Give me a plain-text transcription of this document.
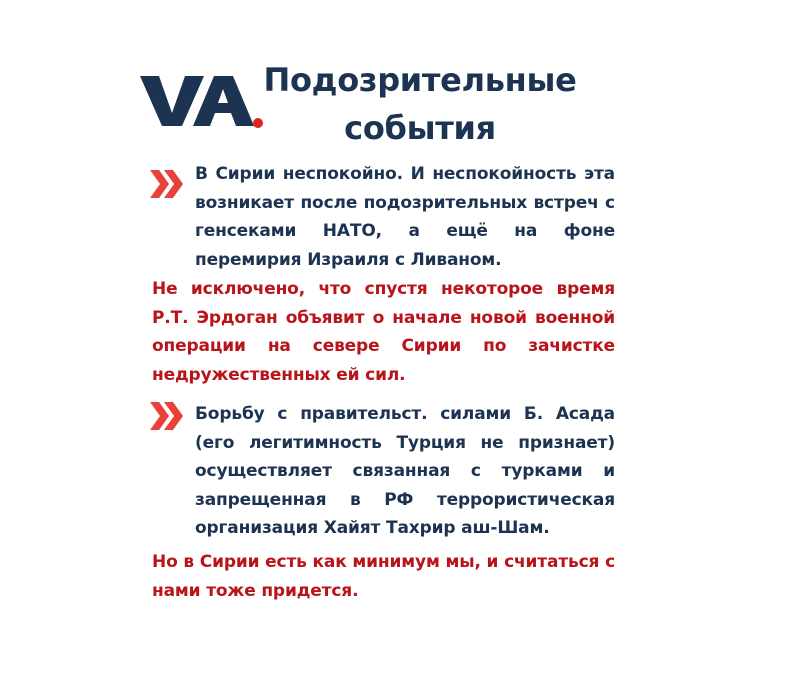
Подозрительные события
В Сирии неспокойно. И неспокойность эта возникает после подозрительных встреч с генсеками НАТО, а ещё на фоне перемирия Израиля с Ливаном.
Не исключено, что спустя некоторое время Р.Т. Эрдоган объявит о начале новой военной операции на севере Сирии по зачистке недружественных ей сил.
Борьбу с правительст. силами Б. Асада (его легитимность Турция не признает) осуществляет связанная с турками и запрещенная в РФ террористическая организация Хайят Тахрир аш-Шам.
Но в Сирии есть как минимум мы, и считаться с нами тоже придется.
